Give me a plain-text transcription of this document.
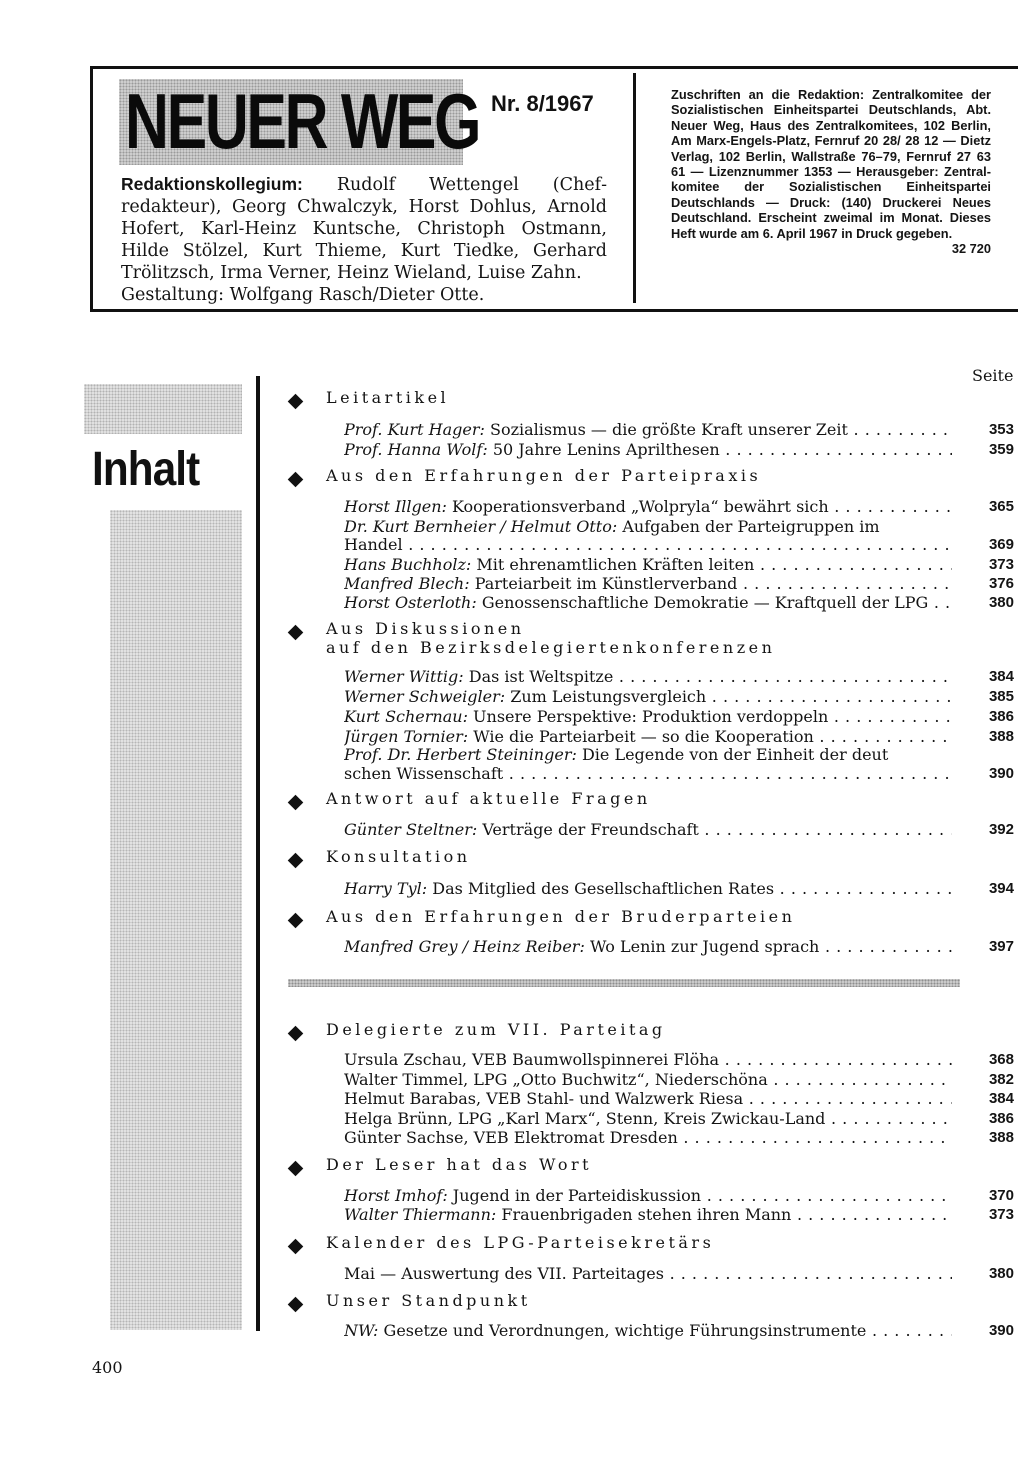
NEUER WEG Nr. 8/1967
Redaktionskollegium: Rudolf Wettengel (Chefredakteur), Georg Chwalczyk, Horst Dohlus, Arnold Hofert, Karl-Heinz Kuntsche, Christoph Ostmann, Hilde Stölzel, Kurt Thieme, Kurt Tiedke, Gerhard Trölitzsch, Irma Verner, Heinz Wieland, Luise Zahn.
Gestaltung: Wolfgang Rasch/Dieter Otte.
Zuschriften an die Redaktion: Zentralkomitee der Sozialistischen Einheitspartei Deutschlands, Abt. Neuer Weg, Haus des Zentralkomitees, 102 Berlin, Am Marx-Engels-Platz, Fernruf 20 28/ 28 12 — Dietz Verlag, 102 Berlin, Wallstraße 76–79, Fernruf 27 63 61 — Lizenznummer 1353 — Herausgeber: Zentralkomitee der Sozialistischen Einheitspartei Deutschlands — Druck: (140) Druckerei Neues Deutschland. Erscheint zweimal im Monat. Dieses Heft wurde am 6. April 1967 in Druck gegeben.
32 720
Inhalt
Seite
Leitartikel
Prof. Kurt Hager: Sozialismus — die größte Kraft unserer Zeit . . .	353
Prof. Hanna Wolf: 50 Jahre Lenins Aprilthesen . . .	359
Aus den Erfahrungen der Parteipraxis
Horst Illgen: Kooperationsverband „Wolpryla“ bewährt sich . . .	365
Dr. Kurt Bernheier / Helmut Otto: Aufgaben der Parteigruppen im
Handel . . .	369
Hans Buchholz: Mit ehrenamtlichen Kräften leiten . . .	373
Manfred Blech: Parteiarbeit im Künstlerverband . . .	376
Horst Osterloth: Genossenschaftliche Demokratie — Kraftquell der LPG . . .	380
Aus Diskussionen
auf den Bezirksdelegiertenkonferenzen
Werner Wittig: Das ist Weltspitze . . .	384
Werner Schweigler: Zum Leistungsvergleich . . .	385
Kurt Schernau: Unsere Perspektive: Produktion verdoppeln . . .	386
Jürgen Tornier: Wie die Parteiarbeit — so die Kooperation . . .	388
Prof. Dr. Herbert Steininger: Die Legende von der Einheit der deut
schen Wissenschaft . . .	390
Antwort auf aktuelle Fragen
Günter Steltner: Verträge der Freundschaft . . .	392
Konsultation
Harry Tyl: Das Mitglied des Gesellschaftlichen Rates . . .	394
Aus den Erfahrungen der Bruderparteien
Manfred Grey / Heinz Reiber: Wo Lenin zur Jugend sprach . . .	397
Delegierte zum VII. Parteitag
Ursula Zschau, VEB Baumwollspinnerei Flöha . . .	368
Walter Timmel, LPG „Otto Buchwitz“, Niederschöna . . .	382
Helmut Barabas, VEB Stahl- und Walzwerk Riesa . . .	384
Helga Brünn, LPG „Karl Marx“, Stenn, Kreis Zwickau-Land . . .	386
Günter Sachse, VEB Elektromat Dresden . . .	388
Der Leser hat das Wort
Horst Imhof: Jugend in der Parteidiskussion . . .	370
Walter Thiermann: Frauenbrigaden stehen ihren Mann . . .	373
Kalender des LPG-Parteisekretärs
Mai — Auswertung des VII. Parteitages . . .	380
Unser Standpunkt
NW: Gesetze und Verordnungen, wichtige Führungsinstrumente . . .	390
400
